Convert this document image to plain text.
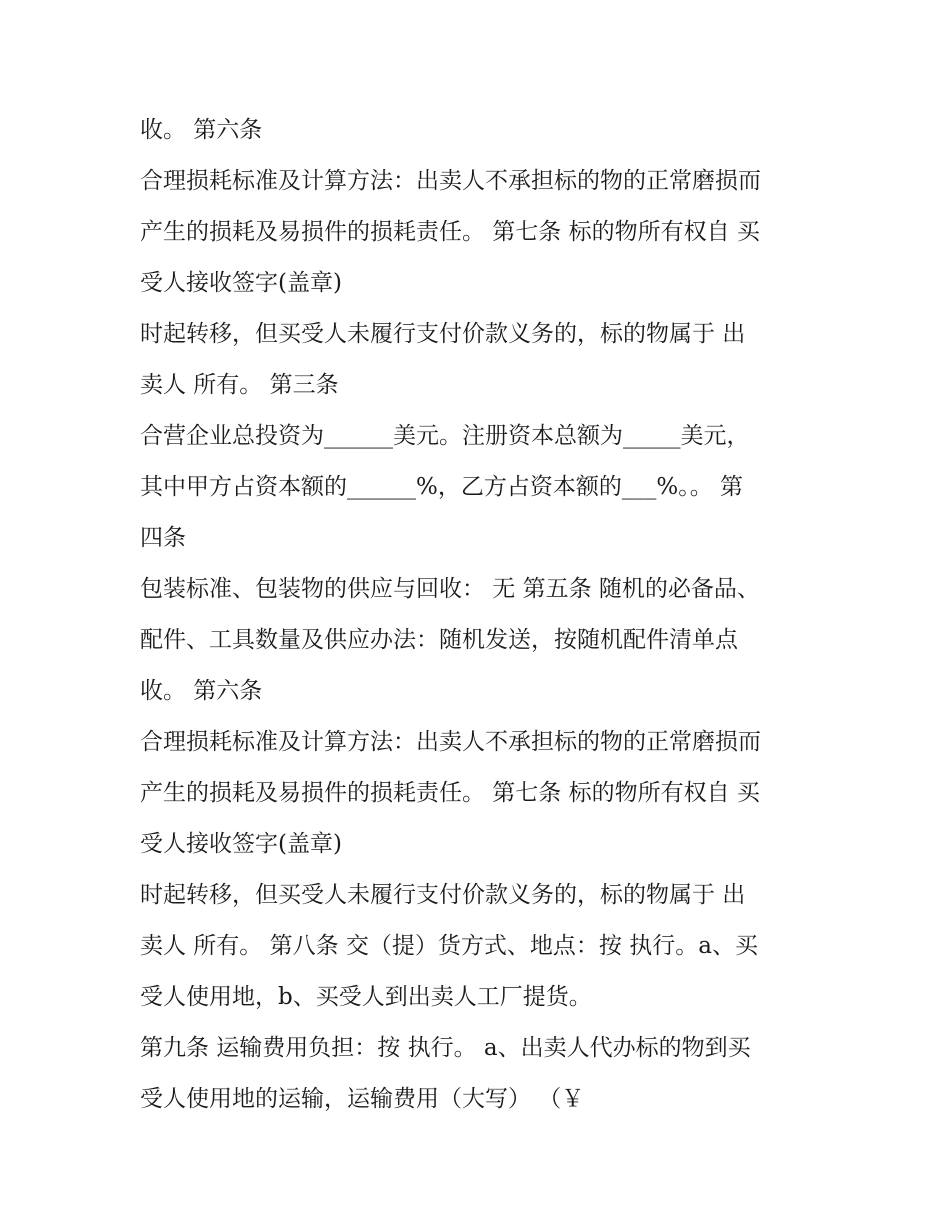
收。 第六条

合理损耗标准及计算方法：出卖人不承担标的物的正常磨损而

产生的损耗及易损件的损耗责任。 第七条 标的物所有权自 买

受人接收签字(盖章)

时起转移，但买受人未履行支付价款义务的，标的物属于 出

卖人 所有。 第三条

合营企业总投资为______美元。注册资本总额为_____美元，

其中甲方占资本额的______%，乙方占资本额的___%。。 第

四条

包装标准、包装物的供应与回收： 无 第五条 随机的必备品、

配件、工具数量及供应办法：随机发送，按随机配件清单点

收。 第六条

合理损耗标准及计算方法：出卖人不承担标的物的正常磨损而

产生的损耗及易损件的损耗责任。 第七条 标的物所有权自 买

受人接收签字(盖章)

时起转移，但买受人未履行支付价款义务的，标的物属于 出

卖人 所有。 第八条 交（提）货方式、地点：按 执行。a、买

受人使用地，b、买受人到出卖人工厂提货。

第九条 运输费用负担：按 执行。 a、出卖人代办标的物到买

受人使用地的运输，运输费用（大写） （￥
